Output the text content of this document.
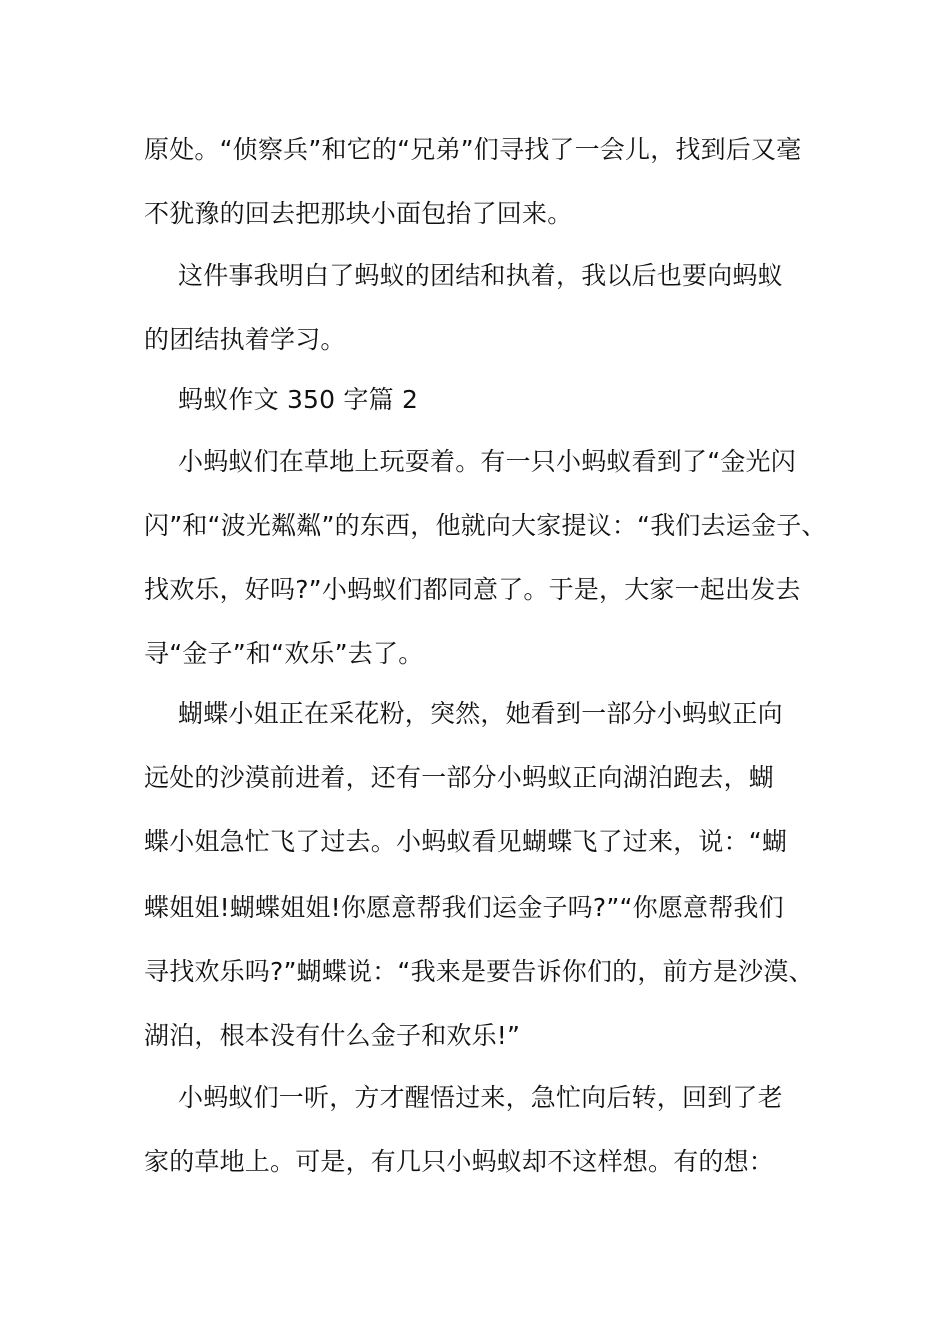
原处。“侦察兵”和它的“兄弟”们寻找了一会儿，找到后又毫
不犹豫的回去把那块小面包抬了回来。
这件事我明白了蚂蚁的团结和执着，我以后也要向蚂蚁
的团结执着学习。
蚂蚁作文 350 字篇 2
小蚂蚁们在草地上玩耍着。有一只小蚂蚁看到了“金光闪
闪”和“波光粼粼”的东西，他就向大家提议：“我们去运金子、
找欢乐，好吗?”小蚂蚁们都同意了。于是，大家一起出发去
寻“金子”和“欢乐”去了。
蝴蝶小姐正在采花粉，突然，她看到一部分小蚂蚁正向
远处的沙漠前进着，还有一部分小蚂蚁正向湖泊跑去，蝴
蝶小姐急忙飞了过去。小蚂蚁看见蝴蝶飞了过来，说：“蝴
蝶姐姐!蝴蝶姐姐!你愿意帮我们运金子吗?”“你愿意帮我们
寻找欢乐吗?”蝴蝶说：“我来是要告诉你们的，前方是沙漠、
湖泊，根本没有什么金子和欢乐!”
小蚂蚁们一听，方才醒悟过来，急忙向后转，回到了老
家的草地上。可是，有几只小蚂蚁却不这样想。有的想：
